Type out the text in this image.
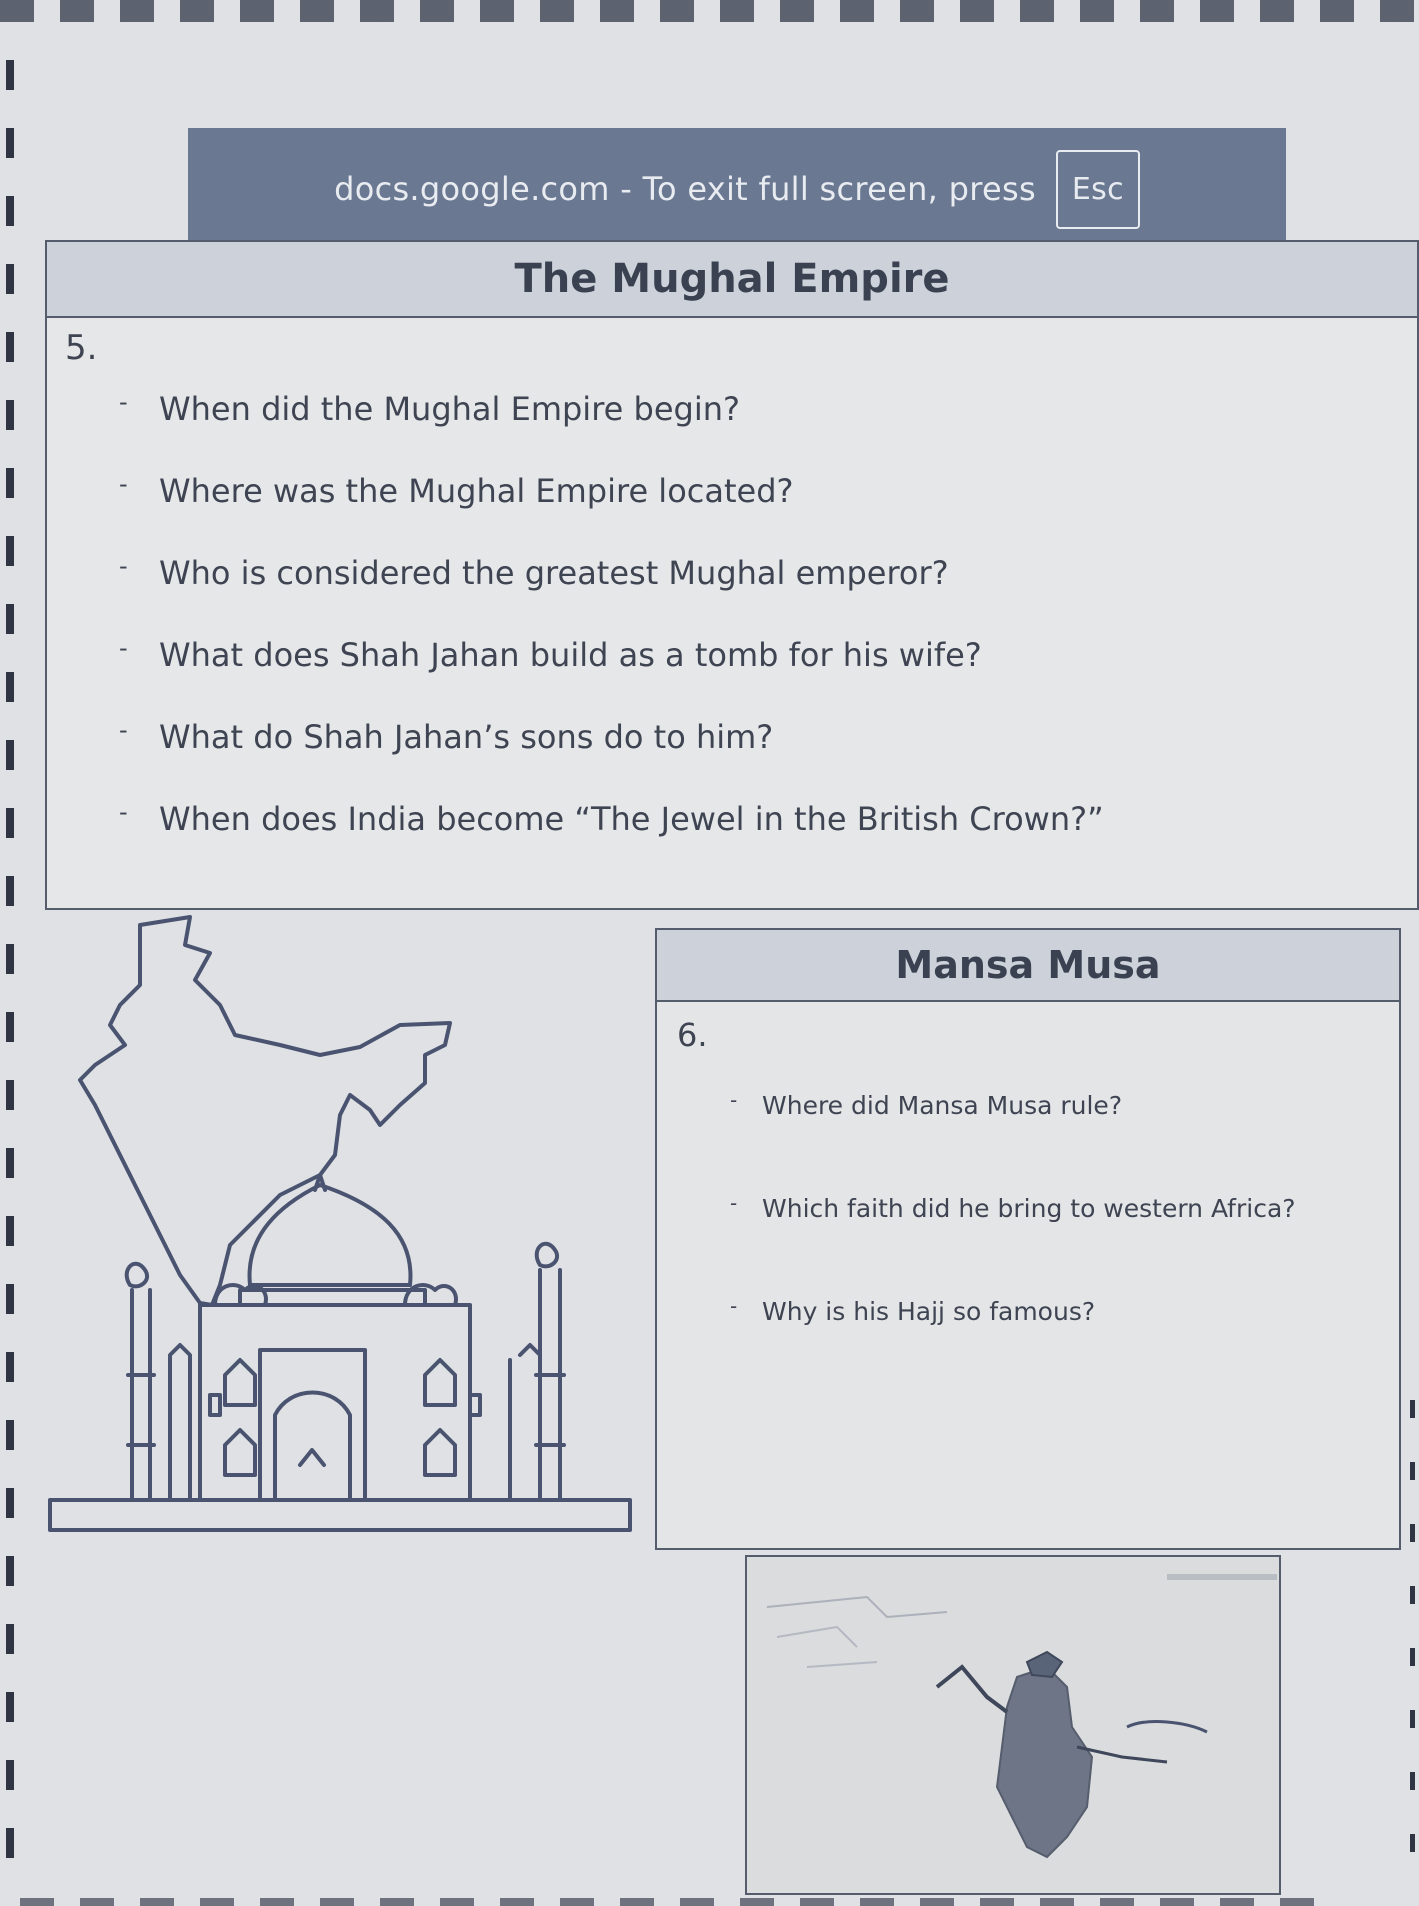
docs.google.com - To exit full screen, press	Esc
The Mughal Empire
5.
- When did the Mughal Empire begin?
- Where was the Mughal Empire located?
- Who is considered the greatest Mughal emperor?
- What does Shah Jahan build as a tomb for his wife?
- What do Shah Jahan’s sons do to him?
- When does India become “The Jewel in the British Crown?”
Mansa Musa
6.
- Where did Mansa Musa rule?
- Which faith did he bring to western Africa?
- Why is his Hajj so famous?
